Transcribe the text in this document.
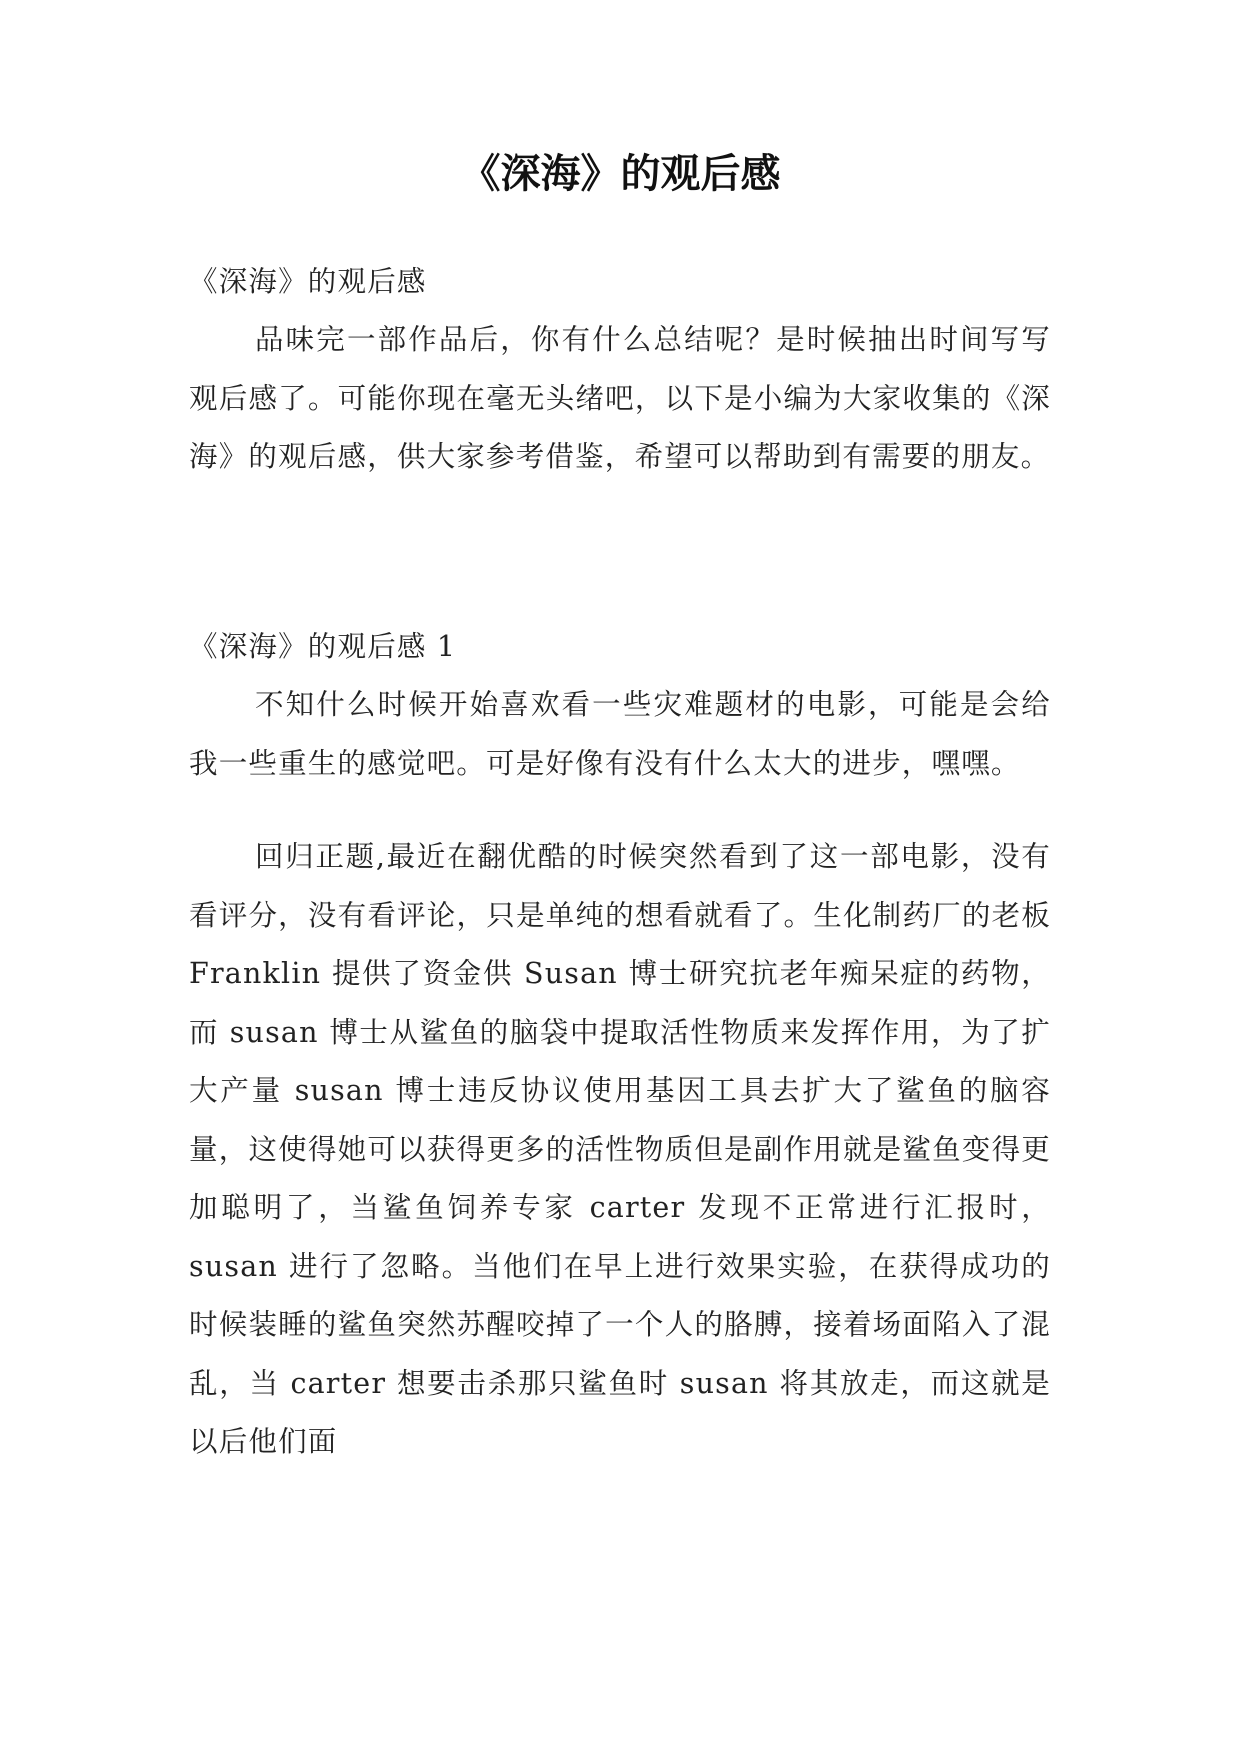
《深海》的观后感

《深海》的观后感

品味完一部作品后，你有什么总结呢？是时候抽出时间写写观后感了。可能你现在毫无头绪吧，以下是小编为大家收集的《深海》的观后感，供大家参考借鉴，希望可以帮助到有需要的朋友。

《深海》的观后感 1

不知什么时候开始喜欢看一些灾难题材的电影，可能是会给我一些重生的感觉吧。可是好像有没有什么太大的进步，嘿嘿。

回归正题,最近在翻优酷的时候突然看到了这一部电影，没有看评分，没有看评论，只是单纯的想看就看了。生化制药厂的老板 Franklin 提供了资金供 Susan 博士研究抗老年痴呆症的药物，而 susan 博士从鲨鱼的脑袋中提取活性物质来发挥作用，为了扩大产量 susan 博士违反协议使用基因工具去扩大了鲨鱼的脑容量，这使得她可以获得更多的活性物质但是副作用就是鲨鱼变得更加聪明了，当鲨鱼饲养专家 carter 发现不正常进行汇报时，susan 进行了忽略。当他们在早上进行效果实验，在获得成功的时候装睡的鲨鱼突然苏醒咬掉了一个人的胳膊，接着场面陷入了混乱，当 carter 想要击杀那只鲨鱼时 susan 将其放走，而这就是以后他们面
